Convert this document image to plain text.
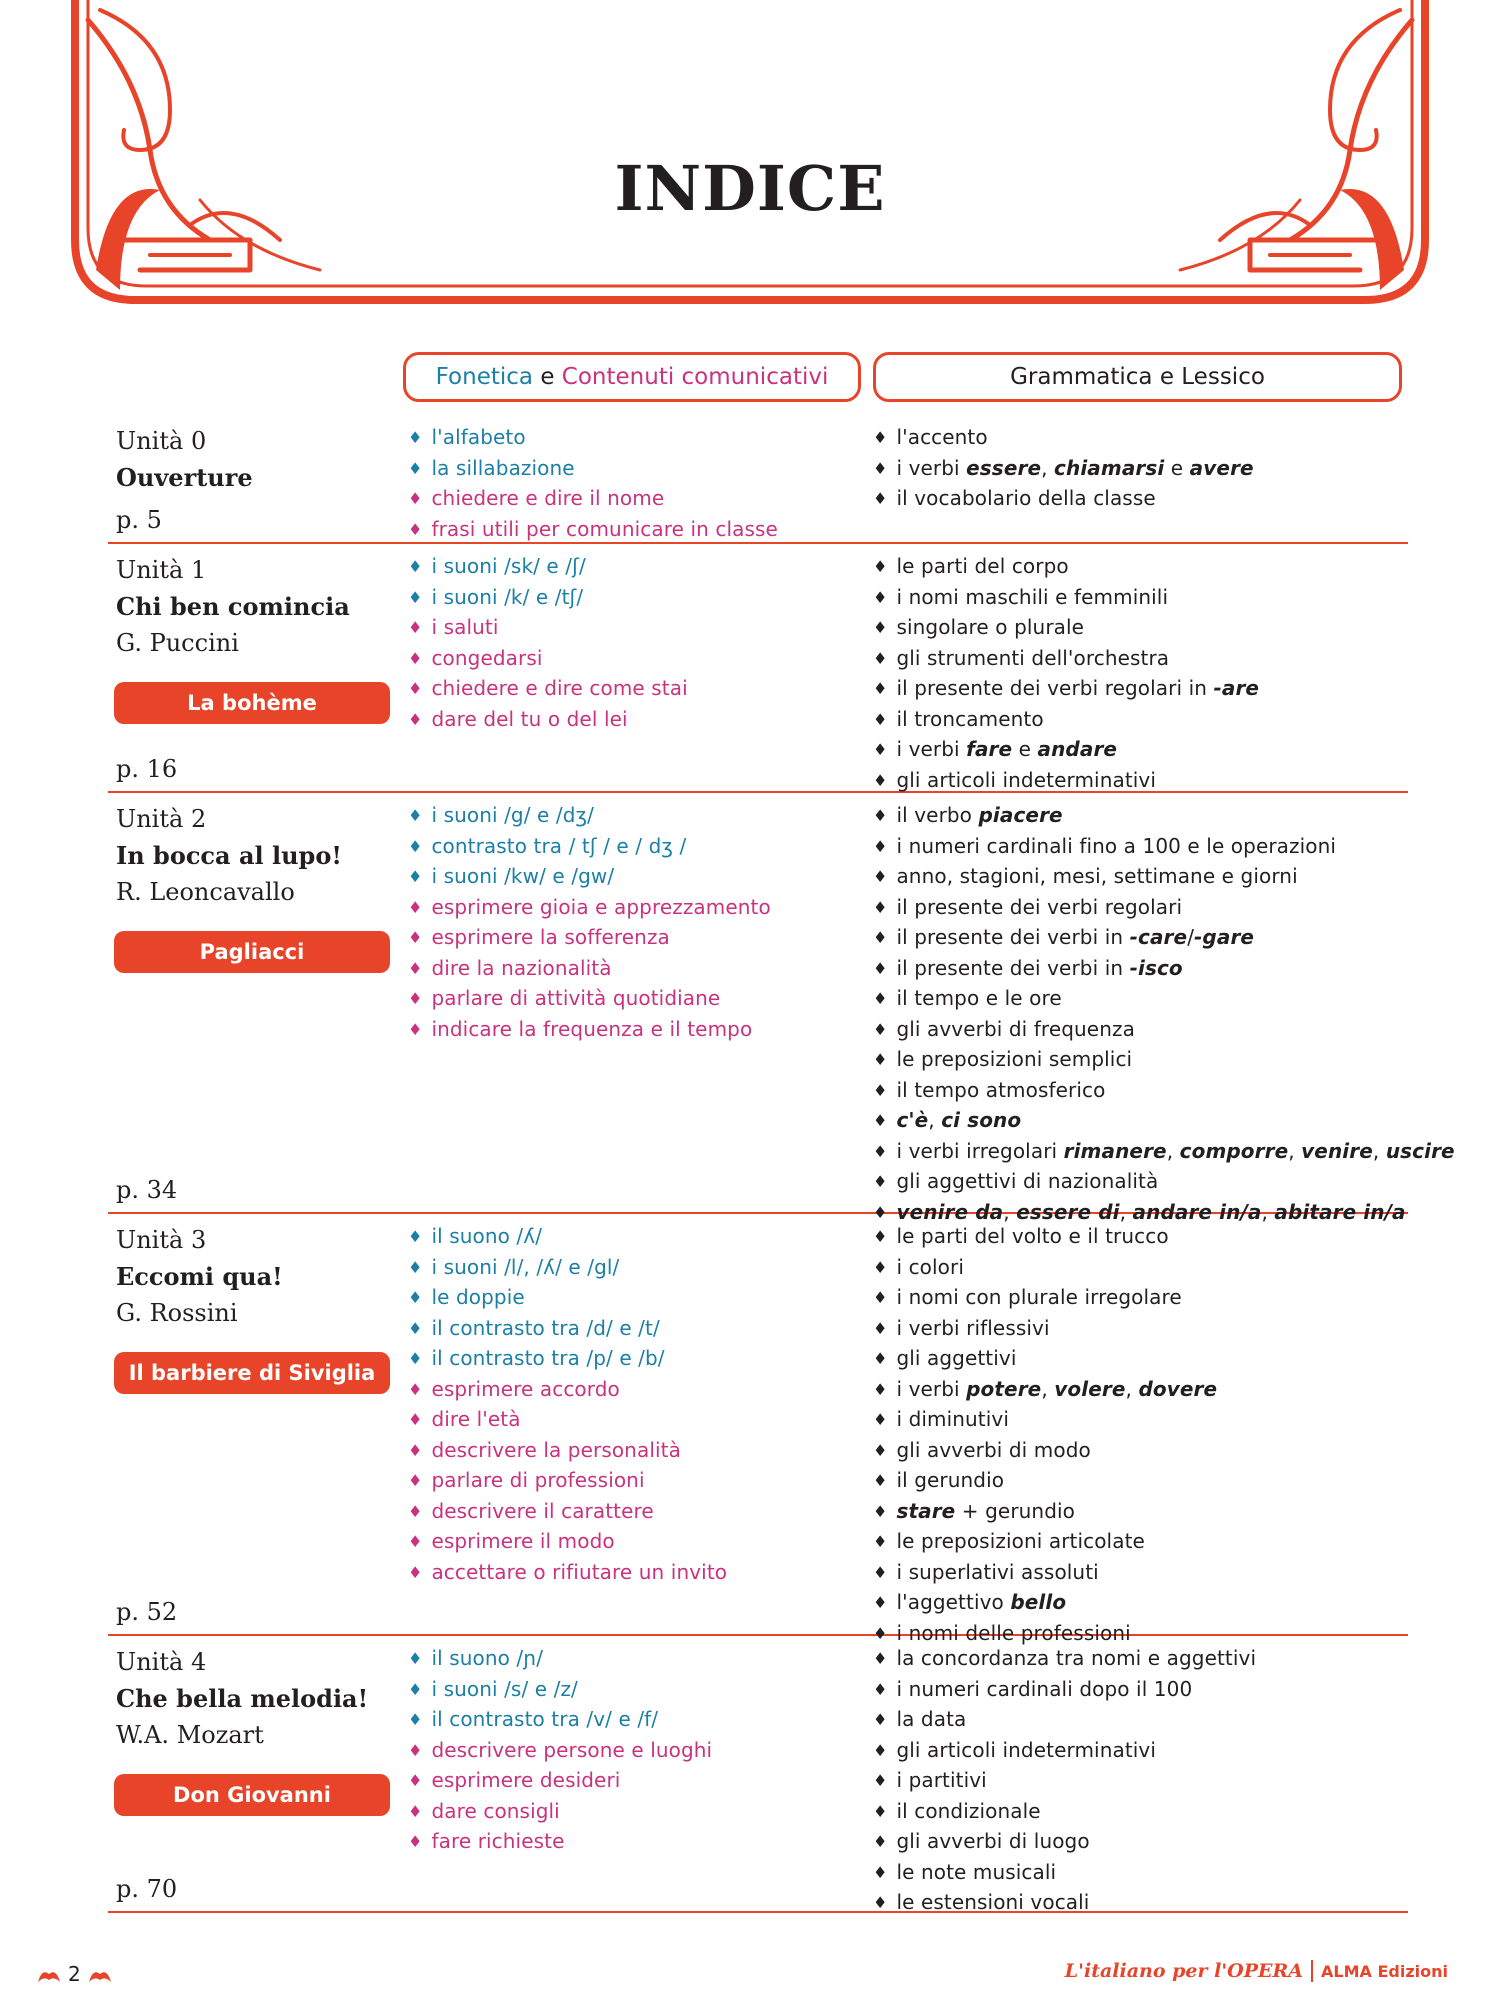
INDICE
Fonetica
e
Contenuti comunicativi	Grammatica e Lessico
Unità 0
Ouverture
p. 5
♦ l'alfabeto
♦ la sillabazione
♦ chiedere e dire il nome
♦ frasi utili per comunicare in classe
♦ l'accento
♦ i verbi essere, chiamarsi e avere
♦ il vocabolario della classe
Unità 1
Chi ben comincia
G. Puccini
La bohème
p. 16
♦ i suoni /sk/ e /ʃ/
♦ i suoni /k/ e /tʃ/
♦ i saluti
♦ congedarsi
♦ chiedere e dire come stai
♦ dare del tu o del lei
♦ le parti del corpo
♦ i nomi maschili e femminili
♦ singolare o plurale
♦ gli strumenti dell'orchestra
♦ il presente dei verbi regolari in -are
♦ il troncamento
♦ i verbi fare e andare
♦ gli articoli indeterminativi
Unità 2
In bocca al lupo!
R. Leoncavallo
Pagliacci
p. 34
♦ i suoni /g/ e /dʒ/
♦ contrasto tra / tʃ / e / dʒ /
♦ i suoni /kw/ e /gw/
♦ esprimere gioia e apprezzamento
♦ esprimere la sofferenza
♦ dire la nazionalità
♦ parlare di attività quotidiane
♦ indicare la frequenza e il tempo
♦ il verbo piacere
♦ i numeri cardinali fino a 100 e le operazioni
♦ anno, stagioni, mesi, settimane e giorni
♦ il presente dei verbi regolari
♦ il presente dei verbi in -care/-gare
♦ il presente dei verbi in -isco
♦ il tempo e le ore
♦ gli avverbi di frequenza
♦ le preposizioni semplici
♦ il tempo atmosferico
♦ c'è, ci sono
♦ i verbi irregolari rimanere, comporre, venire, uscire
♦ gli aggettivi di nazionalità
♦ venire da, essere di, andare in/a, abitare in/a
Unità 3
Eccomi qua!
G. Rossini
Il barbiere di Siviglia
p. 52
♦ il suono /ʎ/
♦ i suoni /l/, /ʎ/ e /gl/
♦ le doppie
♦ il contrasto tra /d/ e /t/
♦ il contrasto tra /p/ e /b/
♦ esprimere accordo
♦ dire l'età
♦ descrivere la personalità
♦ parlare di professioni
♦ descrivere il carattere
♦ esprimere il modo
♦ accettare o rifiutare un invito
♦ le parti del volto e il trucco
♦ i colori
♦ i nomi con plurale irregolare
♦ i verbi riflessivi
♦ gli aggettivi
♦ i verbi potere, volere, dovere
♦ i diminutivi
♦ gli avverbi di modo
♦ il gerundio
♦ stare + gerundio
♦ le preposizioni articolate
♦ i superlativi assoluti
♦ l'aggettivo bello
♦ i nomi delle professioni
Unità 4
Che bella melodia!
W.A. Mozart
Don Giovanni
p. 70
♦ il suono /ɲ/
♦ i suoni /s/ e /z/
♦ il contrasto tra /v/ e /f/
♦ descrivere persone e luoghi
♦ esprimere desideri
♦ dare consigli
♦ fare richieste
♦ la concordanza tra nomi e aggettivi
♦ i numeri cardinali dopo il 100
♦ la data
♦ gli articoli indeterminativi
♦ i partitivi
♦ il condizionale
♦ gli avverbi di luogo
♦ le note musicali
♦ le estensioni vocali
2	L'italiano per l'OPERA ALMA Edizioni
